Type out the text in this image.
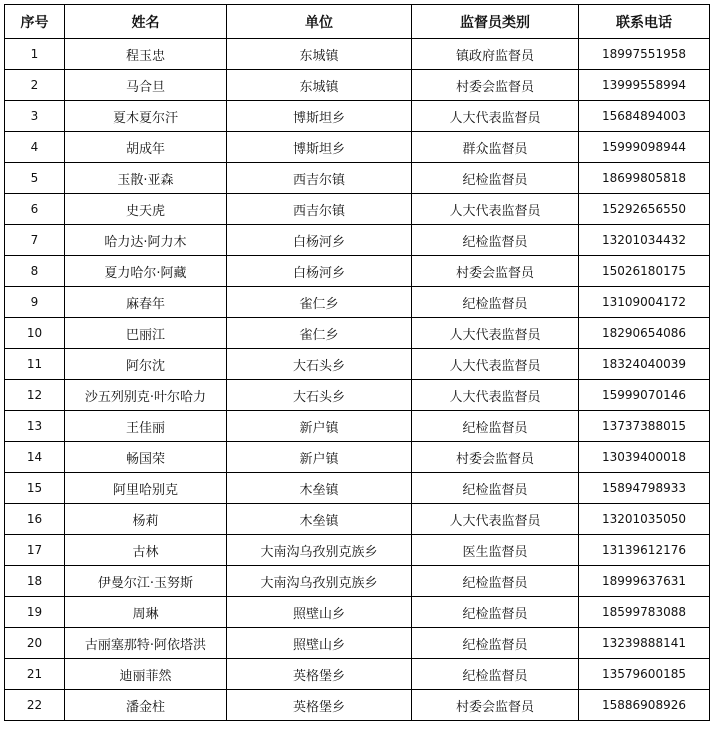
序号	姓名	单位	监督员类别	联系电话
1	程玉忠	东城镇	镇政府监督员	18997551958
2	马合旦	东城镇	村委会监督员	13999558994
3	夏木夏尔汗	博斯坦乡	人大代表监督员	15684894003
4	胡成年	博斯坦乡	群众监督员	15999098944
5	玉散·亚森	西吉尔镇	纪检监督员	18699805818
6	史天虎	西吉尔镇	人大代表监督员	15292656550
7	哈力达·阿力木	白杨河乡	纪检监督员	13201034432
8	夏力哈尔·阿藏	白杨河乡	村委会监督员	15026180175
9	麻春年	雀仁乡	纪检监督员	13109004172
10	巴丽江	雀仁乡	人大代表监督员	18290654086
11	阿尔沈	大石头乡	人大代表监督员	18324040039
12	沙五列别克·叶尔哈力	大石头乡	人大代表监督员	15999070146
13	王佳丽	新户镇	纪检监督员	13737388015
14	畅国荣	新户镇	村委会监督员	13039400018
15	阿里哈别克	木垒镇	纪检监督员	15894798933
16	杨莉	木垒镇	人大代表监督员	13201035050
17	古林	大南沟乌孜别克族乡	医生监督员	13139612176
18	伊曼尔江·玉努斯	大南沟乌孜别克族乡	纪检监督员	18999637631
19	周琳	照壁山乡	纪检监督员	18599783088
20	古丽塞那特·阿依塔洪	照壁山乡	纪检监督员	13239888141
21	迪丽菲然	英格堡乡	纪检监督员	13579600185
22	潘金柱	英格堡乡	村委会监督员	15886908926
